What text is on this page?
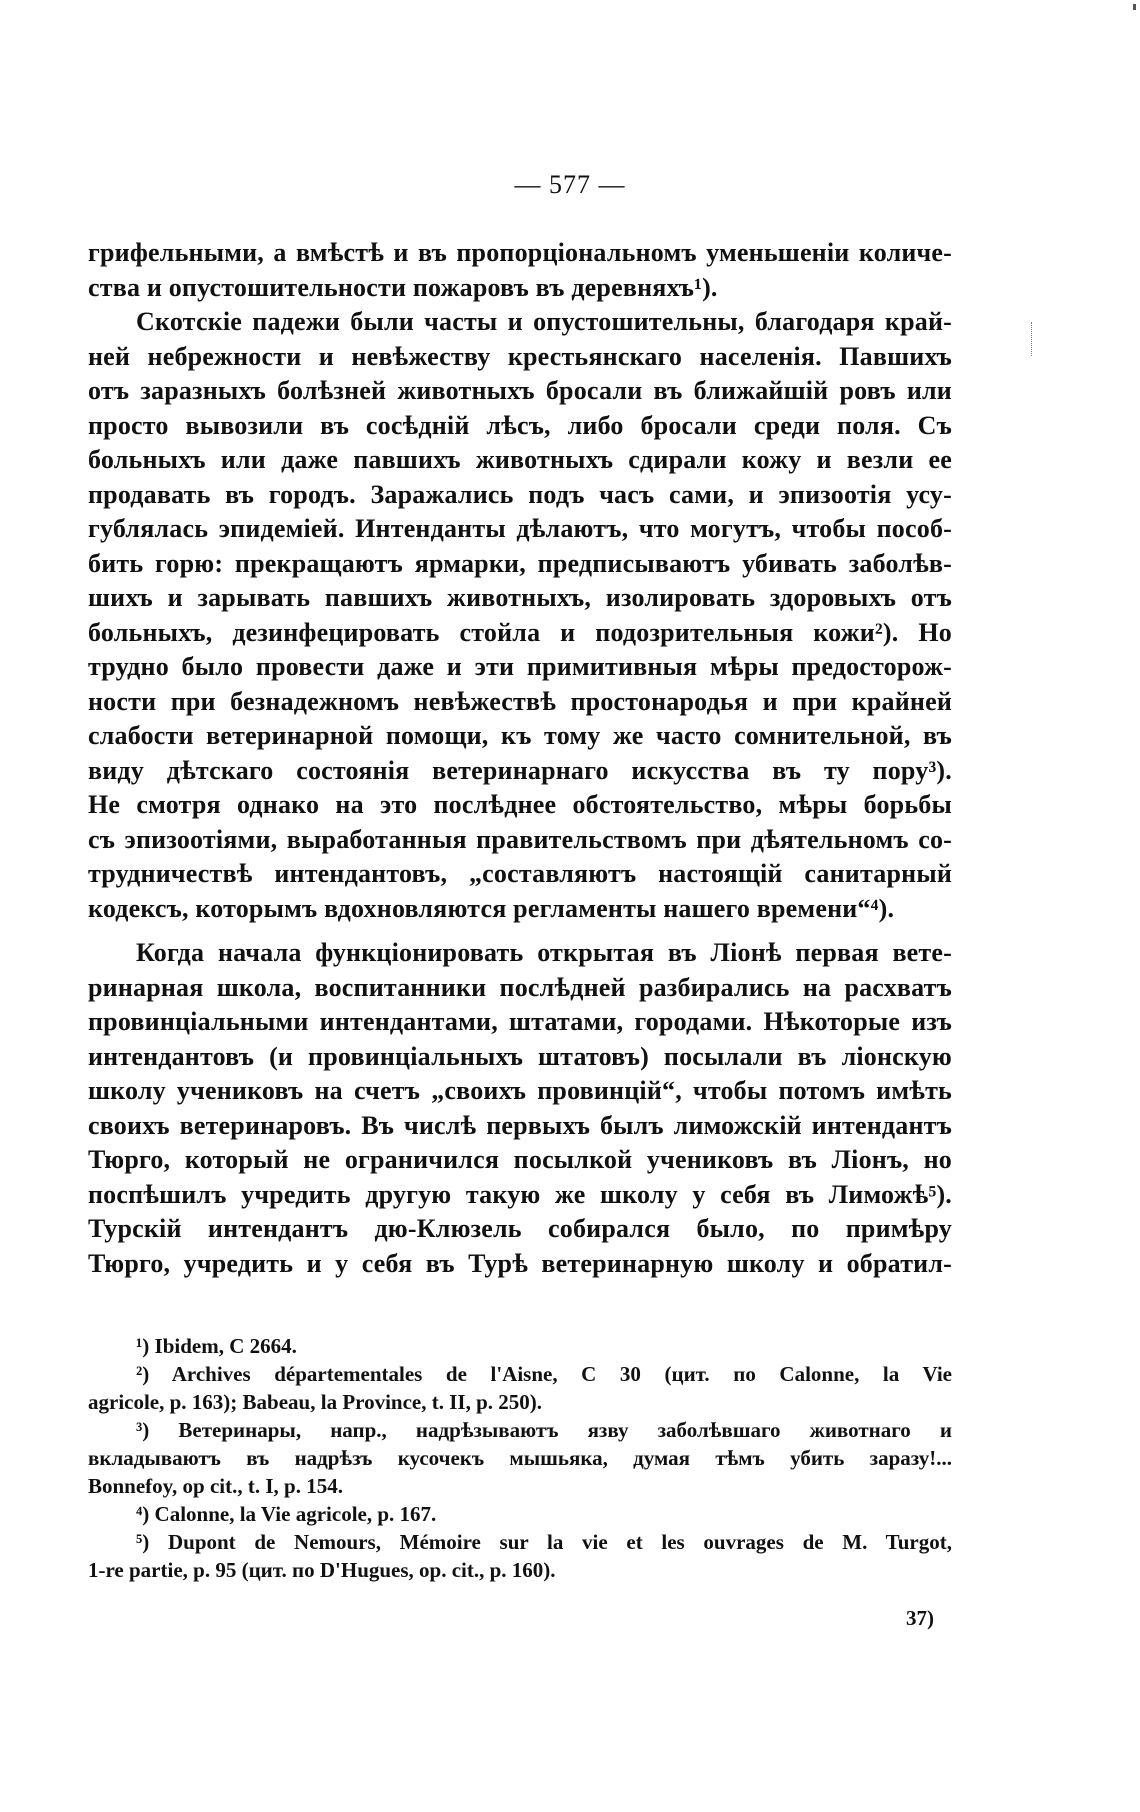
— 577 —
грифельными, а вмѣстѣ и въ пропорціональномъ уменьшеніи количе-
ства и опустошительности пожаровъ въ деревняхъ¹).
Скотскіе падежи были часты и опустошительны, благодаря край-
ней небрежности и невѣжеству крестьянскаго населенія. Павшихъ
отъ заразныхъ болѣзней животныхъ бросали въ ближайшій ровъ или
просто вывозили въ сосѣдній лѣсъ, либо бросали среди поля. Съ
больныхъ или даже павшихъ животныхъ сдирали кожу и везли ее
продавать въ городъ. Заражались подъ часъ сами, и эпизоотія усу-
гублялась эпидеміей. Интенданты дѣлаютъ, что могутъ, чтобы пособ-
бить горю: прекращаютъ ярмарки, предписываютъ убивать заболѣв-
шихъ и зарывать павшихъ животныхъ, изолировать здоровыхъ отъ
больныхъ, дезинфецировать стойла и подозрительныя кожи²). Но
трудно было провести даже и эти примитивныя мѣры предосторож-
ности при безнадежномъ невѣжествѣ простонародья и при крайней
слабости ветеринарной помощи, къ тому же часто сомнительной, въ
виду дѣтскаго состоянія ветеринарнаго искусства въ ту пору³).
Не смотря однако на это послѣднее обстоятельство, мѣры борьбы
съ эпизоотіями, выработанныя правительствомъ при дѣятельномъ со-
трудничествѣ интендантовъ, „составляютъ настоящій санитарный
кодексъ, которымъ вдохновляются регламенты нашего времени“⁴).
Когда начала функціонировать открытая въ Ліонѣ первая вете-
ринарная школа, воспитанники послѣдней разбирались на расхватъ
провинціальными интендантами, штатами, городами. Нѣкоторые изъ
интендантовъ (и провинціальныхъ штатовъ) посылали въ ліонскую
школу учениковъ на счетъ „своихъ провинцій“, чтобы потомъ имѣть
своихъ ветеринаровъ. Въ числѣ первыхъ былъ лиможскій интендантъ
Тюрго, который не ограничился посылкой учениковъ въ Ліонъ, но
поспѣшилъ учредить другую такую же школу у себя въ Лиможѣ⁵).
Турскій интендантъ дю-Клюзель собирался было, по примѣру
Тюрго, учредить и у себя въ Турѣ ветеринарную школу и обратил-
¹) Ibidem, C 2664.
²) Archives départementales de l'Aisne, C 30 (цит. по Calonne, la Vie
agricole, p. 163); Babeau, la Province, t. II, p. 250).
³) Ветеринары, напр., надрѣзываютъ язву заболѣвшаго животнаго и
вкладываютъ въ надрѣзъ кусочекъ мышьяка, думая тѣмъ убить заразу!...
Bonnefoy, op cit., t. I, p. 154.
⁴) Calonne, la Vie agricole, p. 167.
⁵) Dupont de Nemours, Mémoire sur la vie et les ouvrages de M. Turgot,
1-re partie, p. 95 (цит. по D'Hugues, op. cit., p. 160).
37)
